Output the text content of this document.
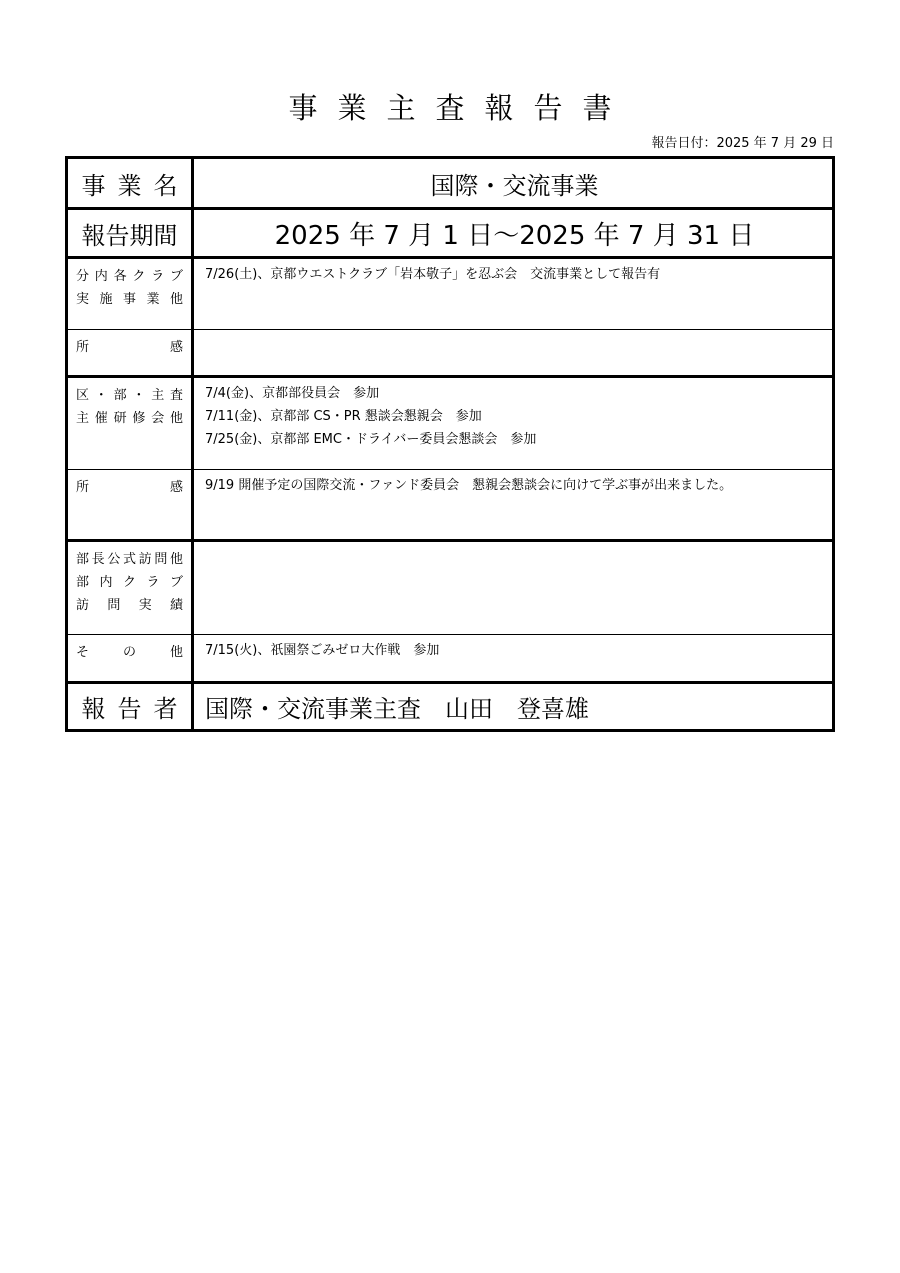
事業主査報告書
報告日付：2025 年 7 月 29 日
事業名	国際・交流事業
報告期間	2025 年 7 月 1 日～2025 年 7 月 31 日
分内各クラブ
実施事業他
7/26(土)、京都ウエストクラブ「岩本敬子」を忍ぶ会　交流事業として報告有
所感
区・部・主査
主催研修会他
7/4(金)、京都部役員会　参加
7/11(金)、京都部 CS・PR 懇談会懇親会　参加
7/25(金)、京都部 EMC・ドライバー委員会懇談会　参加
所感 9/19 開催予定の国際交流・ファンド委員会　懇親会懇談会に向けて学ぶ事が出来ました。
部長公式訪問他
部内クラブ
訪問実績
その他 7/15(火)、祇園祭ごみゼロ大作戦　参加
報告者 国際・交流事業主査　山田　登喜雄
